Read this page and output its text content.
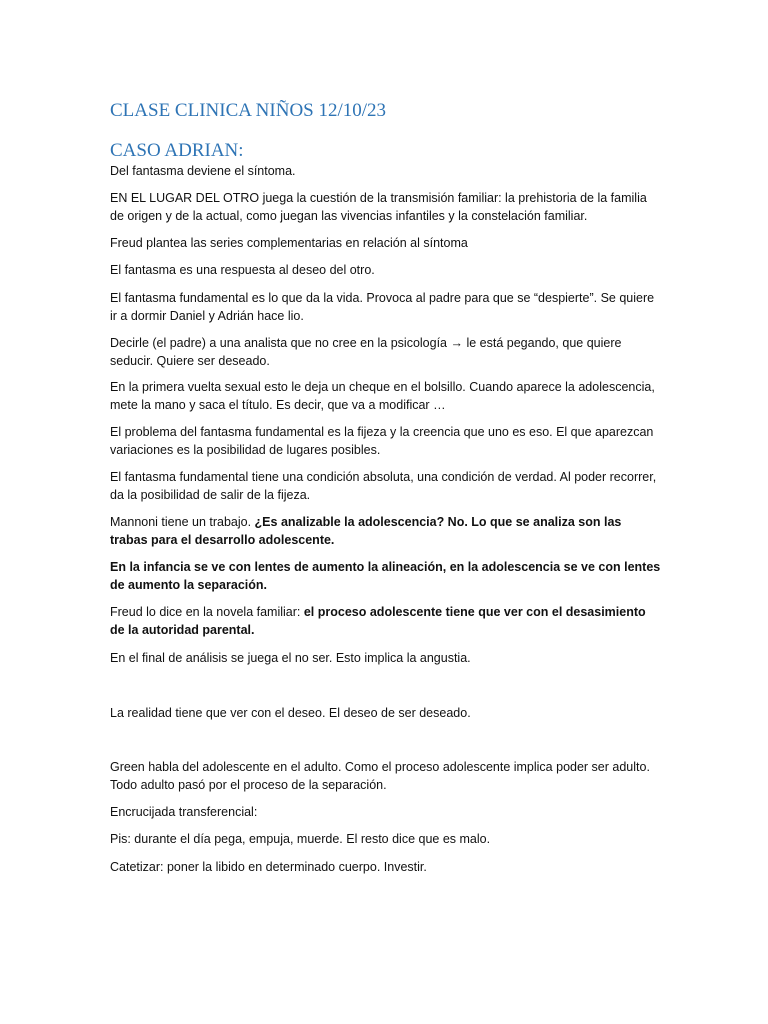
CLASE CLINICA NIÑOS 12/10/23
CASO ADRIAN:

Del fantasma deviene el síntoma.

EN EL LUGAR DEL OTRO juega la cuestión de la transmisión familiar: la prehistoria de la familia de origen y de la actual, como juegan las vivencias infantiles y la constelación familiar.

Freud plantea las series complementarias en relación al síntoma

El fantasma es una respuesta al deseo del otro.

El fantasma fundamental es lo que da la vida. Provoca al padre para que se “despierte”. Se quiere ir a dormir Daniel y Adrián hace lio.

Decirle (el padre) a una analista que no cree en la psicología → le está pegando, que quiere seducir. Quiere ser deseado.

En la primera vuelta sexual esto le deja un cheque en el bolsillo. Cuando aparece la adolescencia, mete la mano y saca el título. Es decir, que va a modificar …

El problema del fantasma fundamental es la fijeza y la creencia que uno es eso. El que aparezcan variaciones es la posibilidad de lugares posibles.

El fantasma fundamental tiene una condición absoluta, una condición de verdad. Al poder recorrer, da la posibilidad de salir de la fijeza.

Mannoni tiene un trabajo. ¿Es analizable la adolescencia? No. Lo que se analiza son las trabas para el desarrollo adolescente.

En la infancia se ve con lentes de aumento la alineación, en la adolescencia se ve con lentes de aumento la separación.

Freud lo dice en la novela familiar: el proceso adolescente tiene que ver con el desasimiento de la autoridad parental.

En el final de análisis se juega el no ser. Esto implica la angustia.

La realidad tiene que ver con el deseo. El deseo de ser deseado.

Green habla del adolescente en el adulto. Como el proceso adolescente implica poder ser adulto. Todo adulto pasó por el proceso de la separación.

Encrucijada transferencial:

Pis: durante el día pega, empuja, muerde. El resto dice que es malo.

Catetizar: poner la libido en determinado cuerpo. Investir.
